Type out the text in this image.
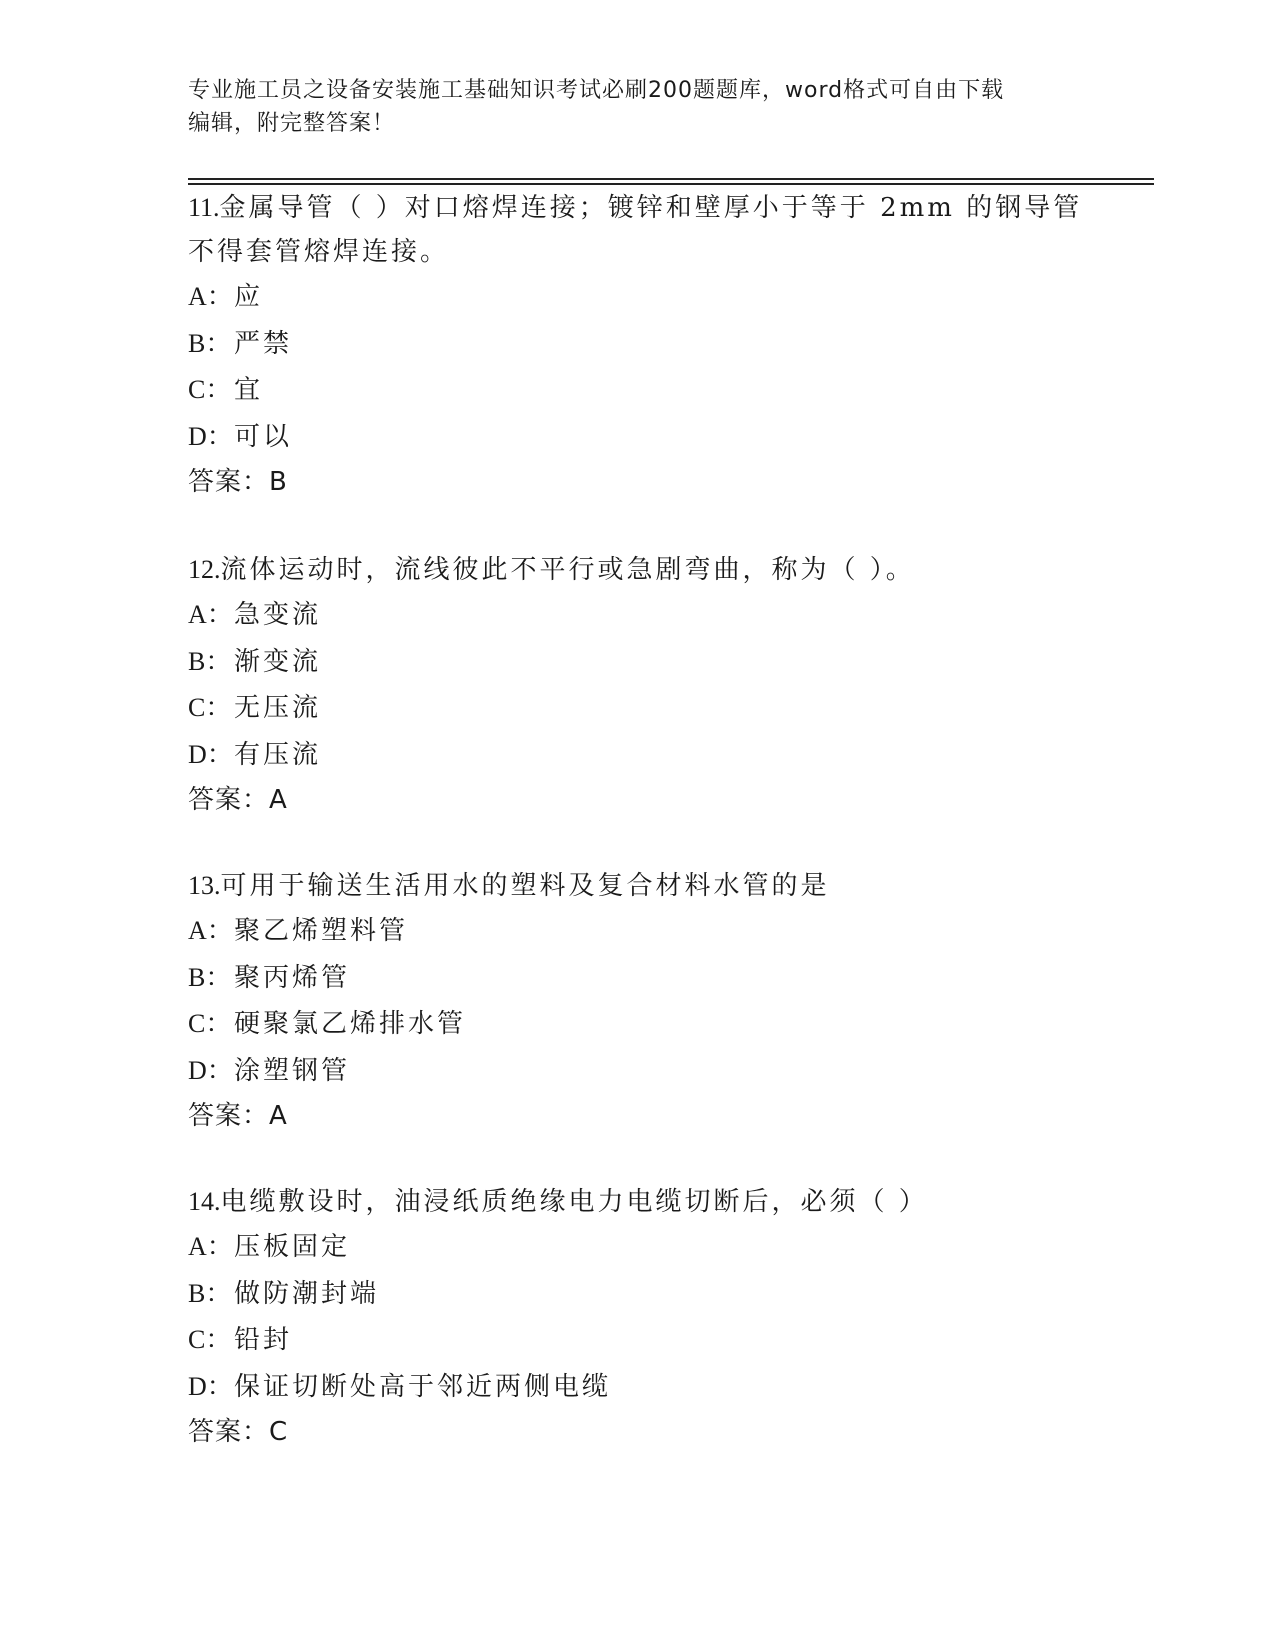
专业施工员之设备安装施工基础知识考试必刷200题题库，word格式可自由下载
编辑，附完整答案！
11.金属导管（ ）对口熔焊连接；镀锌和壁厚小于等于 2mm 的钢导管
不得套管熔焊连接。
A：应
B： 严禁
C： 宜
D：可以
答案：B
12.流体运动时，流线彼此不平行或急剧弯曲，称为（ ）。
A：急变流
B： 渐变流
C： 无压流
D：有压流
答案：A
13.可用于输送生活用水的塑料及复合材料水管的是
A：聚乙烯塑料管
B： 聚丙烯管
C： 硬聚氯乙烯排水管
D：涂塑钢管
答案：A
14.电缆敷设时，油浸纸质绝缘电力电缆切断后，必须（ ）
A：压板固定
B： 做防潮封端
C： 铅封
D：保证切断处高于邻近两侧电缆
答案：C
